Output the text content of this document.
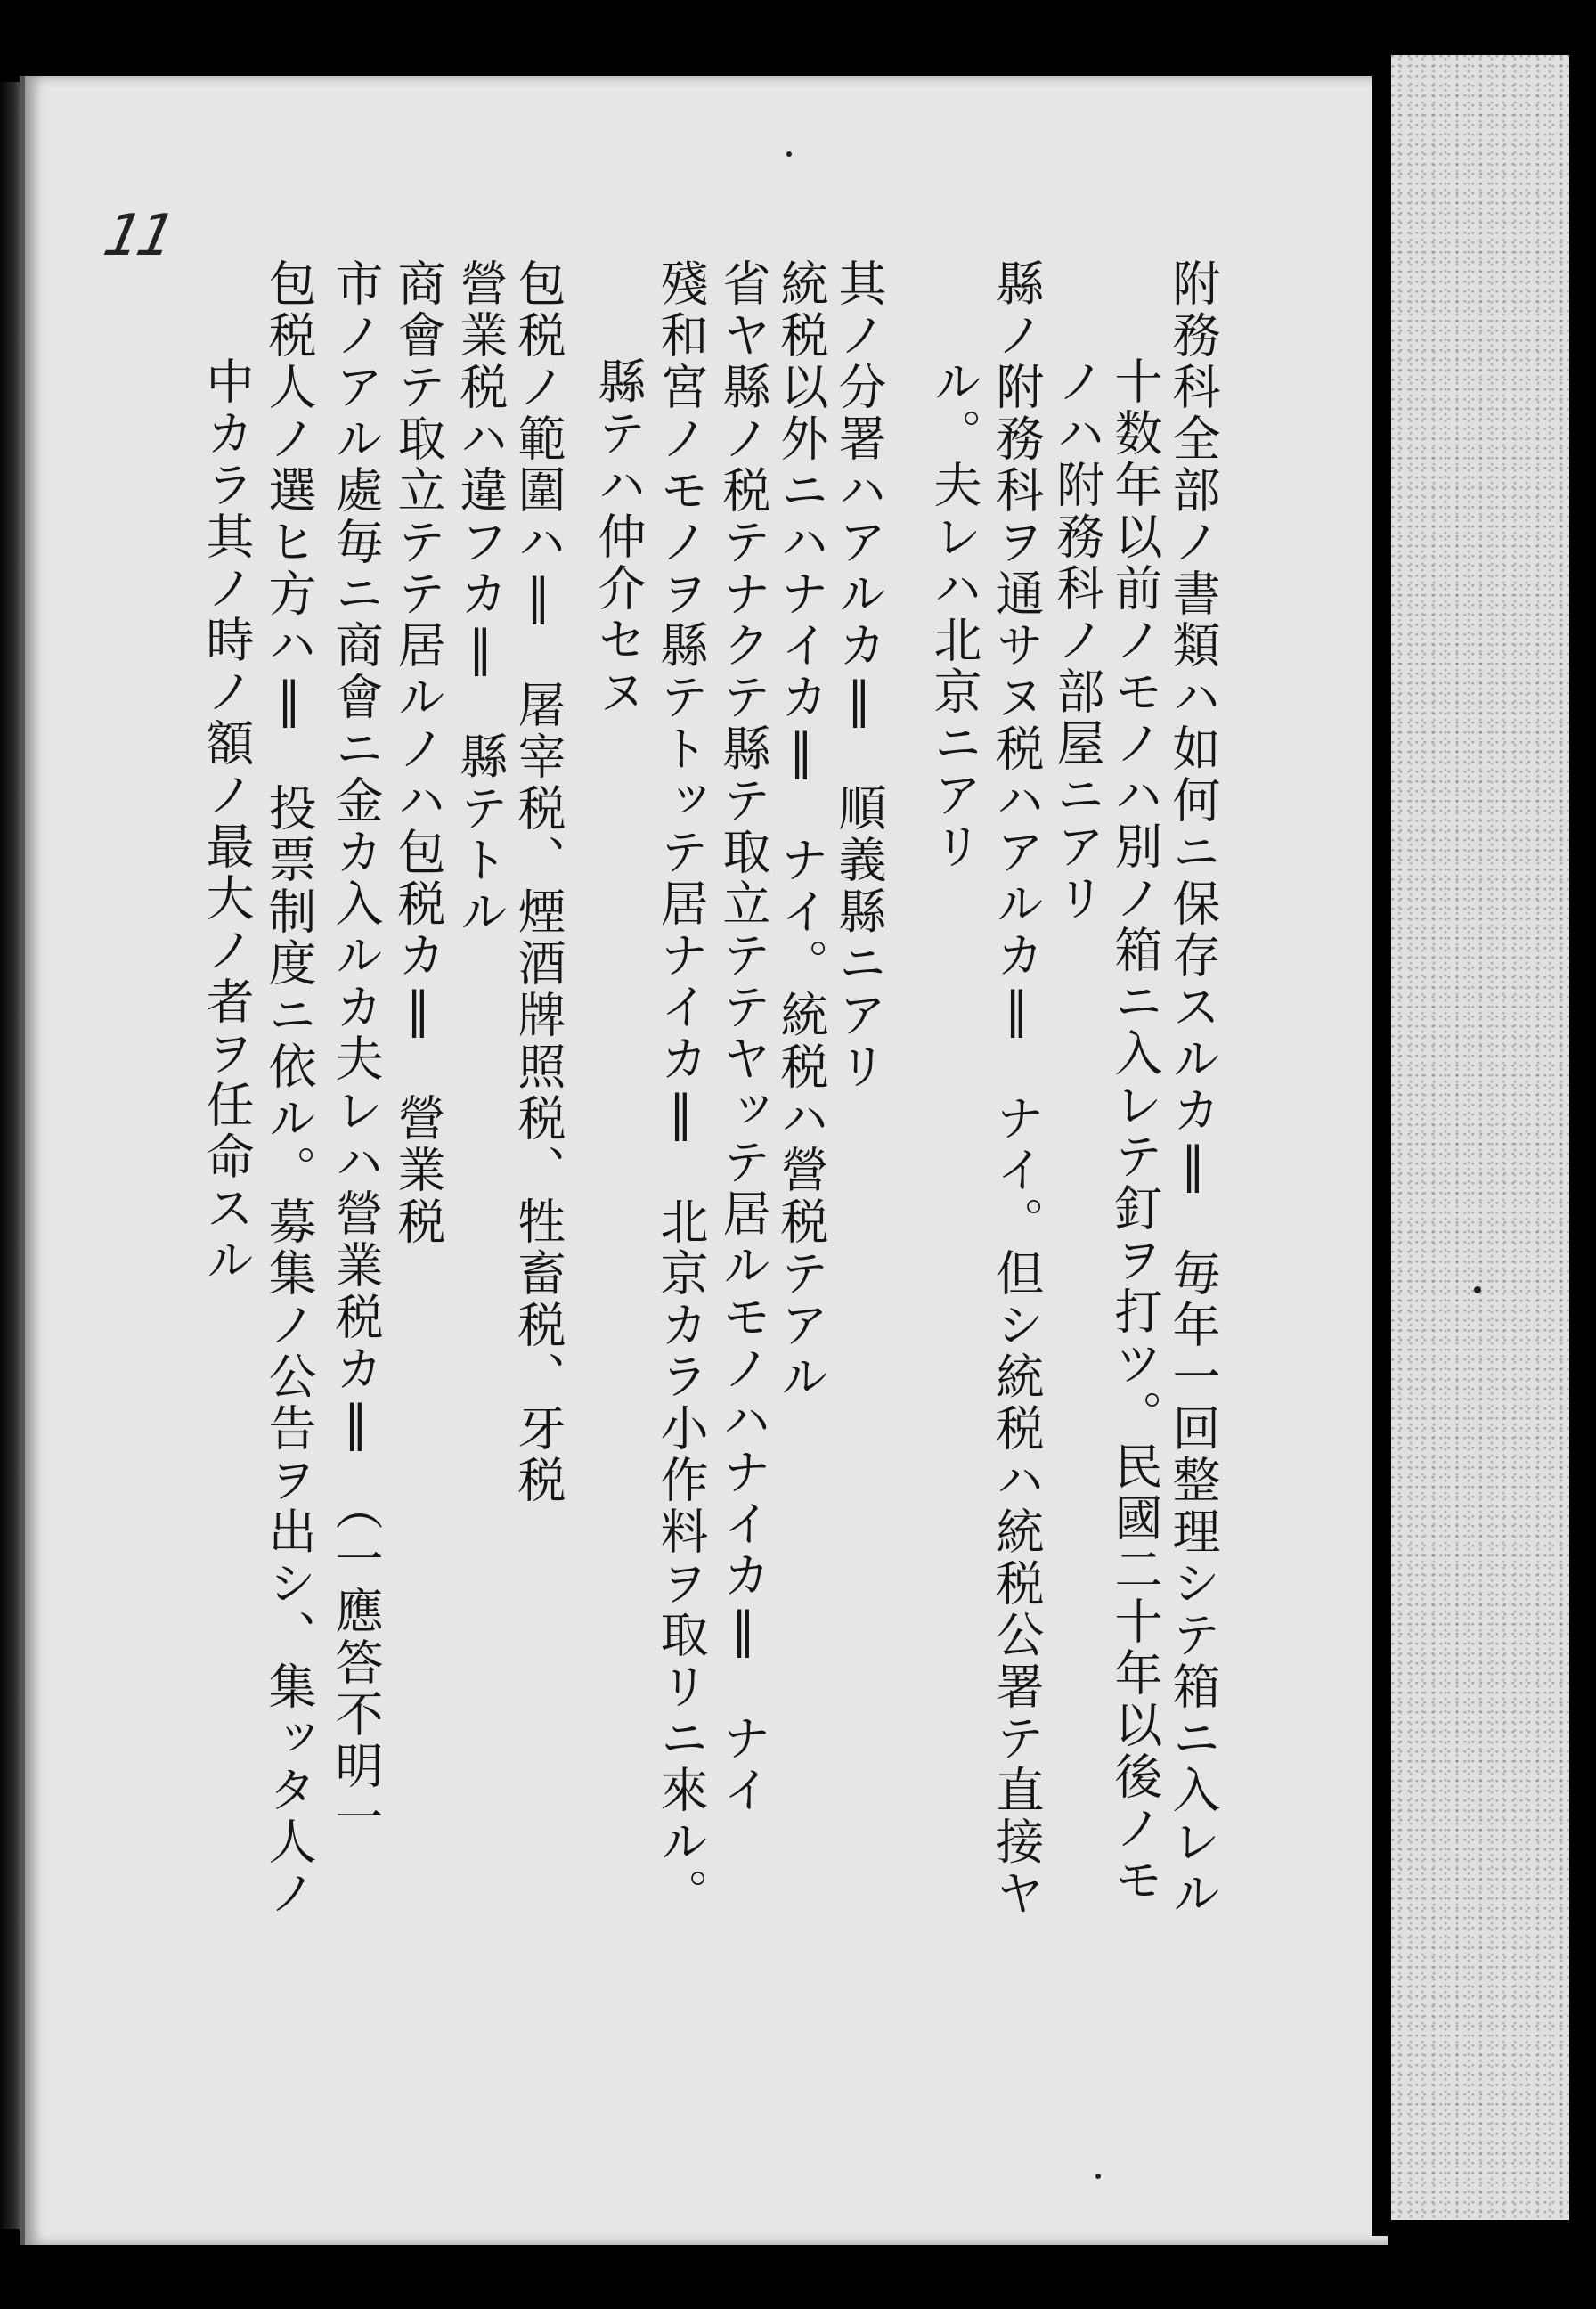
11
附務科全部ノ書類ハ如何ニ保存スルカ‖　毎年一回整理シテ箱ニ入レル
十数年以前ノモノハ別ノ箱ニ入レテ釘ヲ打ツ。民國二十年以後ノモ
ノハ附務科ノ部屋ニアリ
縣ノ附務科ヲ通サヌ税ハアルカ‖　ナイ。但シ統税ハ統税公署テ直接ヤ
ル。夫レハ北京ニアリ
其ノ分署ハアルカ‖　順義縣ニアリ
統税以外ニハナイカ‖　ナイ。統税ハ營税テアル
省ヤ縣ノ税テナクテ縣テ取立テテヤッテ居ルモノハナイカ‖　ナイ
殘和宮ノモノヲ縣テトッテ居ナイカ‖　北京カラ小作料ヲ取リニ來ル。
縣テハ仲介セヌ
包税ノ範圍ハ‖　屠宰税、煙酒牌照税、牲畜税、牙税
營業税ハ違フカ‖　縣テトル
商會テ取立テテ居ルノハ包税カ‖　營業税
市ノアル處毎ニ商會ニ金カ入ルカ夫レハ營業税カ‖　（一應答不明一
包税人ノ選ヒ方ハ‖　投票制度ニ依ル。募集ノ公告ヲ出シ、集ッタ人ノ
中カラ其ノ時ノ額ノ最大ノ者ヲ任命スル
